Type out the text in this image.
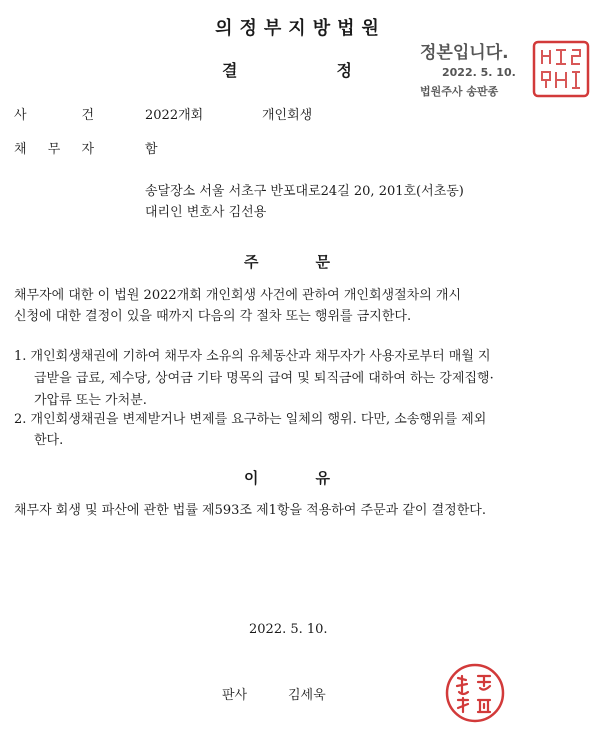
의정부지방법원
결	정
정본입니다.
2022. 5. 10.
법원주사 송판종
사	건	2022개회	개인회생
채 무 자	함
송달장소 서울 서초구 반포대로24길 20, 201호(서초동)
대리인 변호사 김선용
주	문
채무자에 대한 이 법원 2022개회 개인회생 사건에 관하여 개인회생절차의 개시
신청에 대한 결정이 있을 때까지 다음의 각 절차 또는 행위를 금지한다.
1. 개인회생채권에 기하여 채무자 소유의 유체동산과 채무자가 사용자로부터 매월 지
급받을 급료, 제수당, 상여금 기타 명목의 급여 및 퇴직금에 대하여 하는 강제집행·
가압류 또는 가처분.
2. 개인회생채권을 변제받거나 변제를 요구하는 일체의 행위. 다만, 소송행위를 제외
한다.
이	유
채무자 회생 및 파산에 관한 법률 제593조 제1항을 적용하여 주문과 같이 결정한다.
2022. 5. 10.
판사	김세욱
